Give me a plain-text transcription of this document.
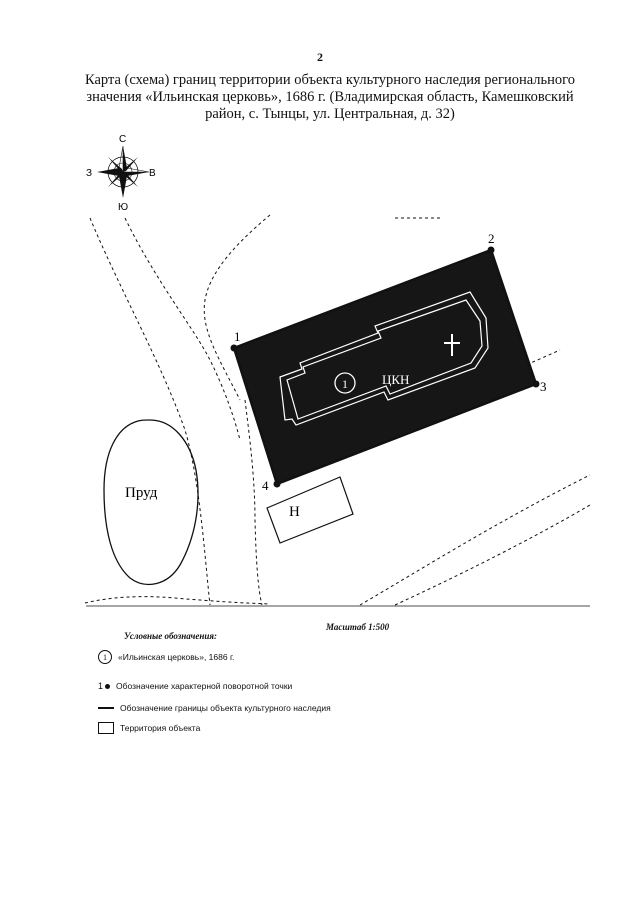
2
Карта (схема) границ территории объекта культурного наследия регионального
значения «Ильинская церковь», 1686 г. (Владимирская область, Камешковский
район, с. Тынцы, ул. Центральная, д. 32)
С
Ю
З	В
Пруд
1	ЦКН
Н
1
2
3
4
Масштаб 1:500
Условные обозначения:
1	«Ильинская церковь», 1686 г.
1 Обозначение характерной поворотной точки
Обозначение границы объекта культурного наследия
Территория объекта
